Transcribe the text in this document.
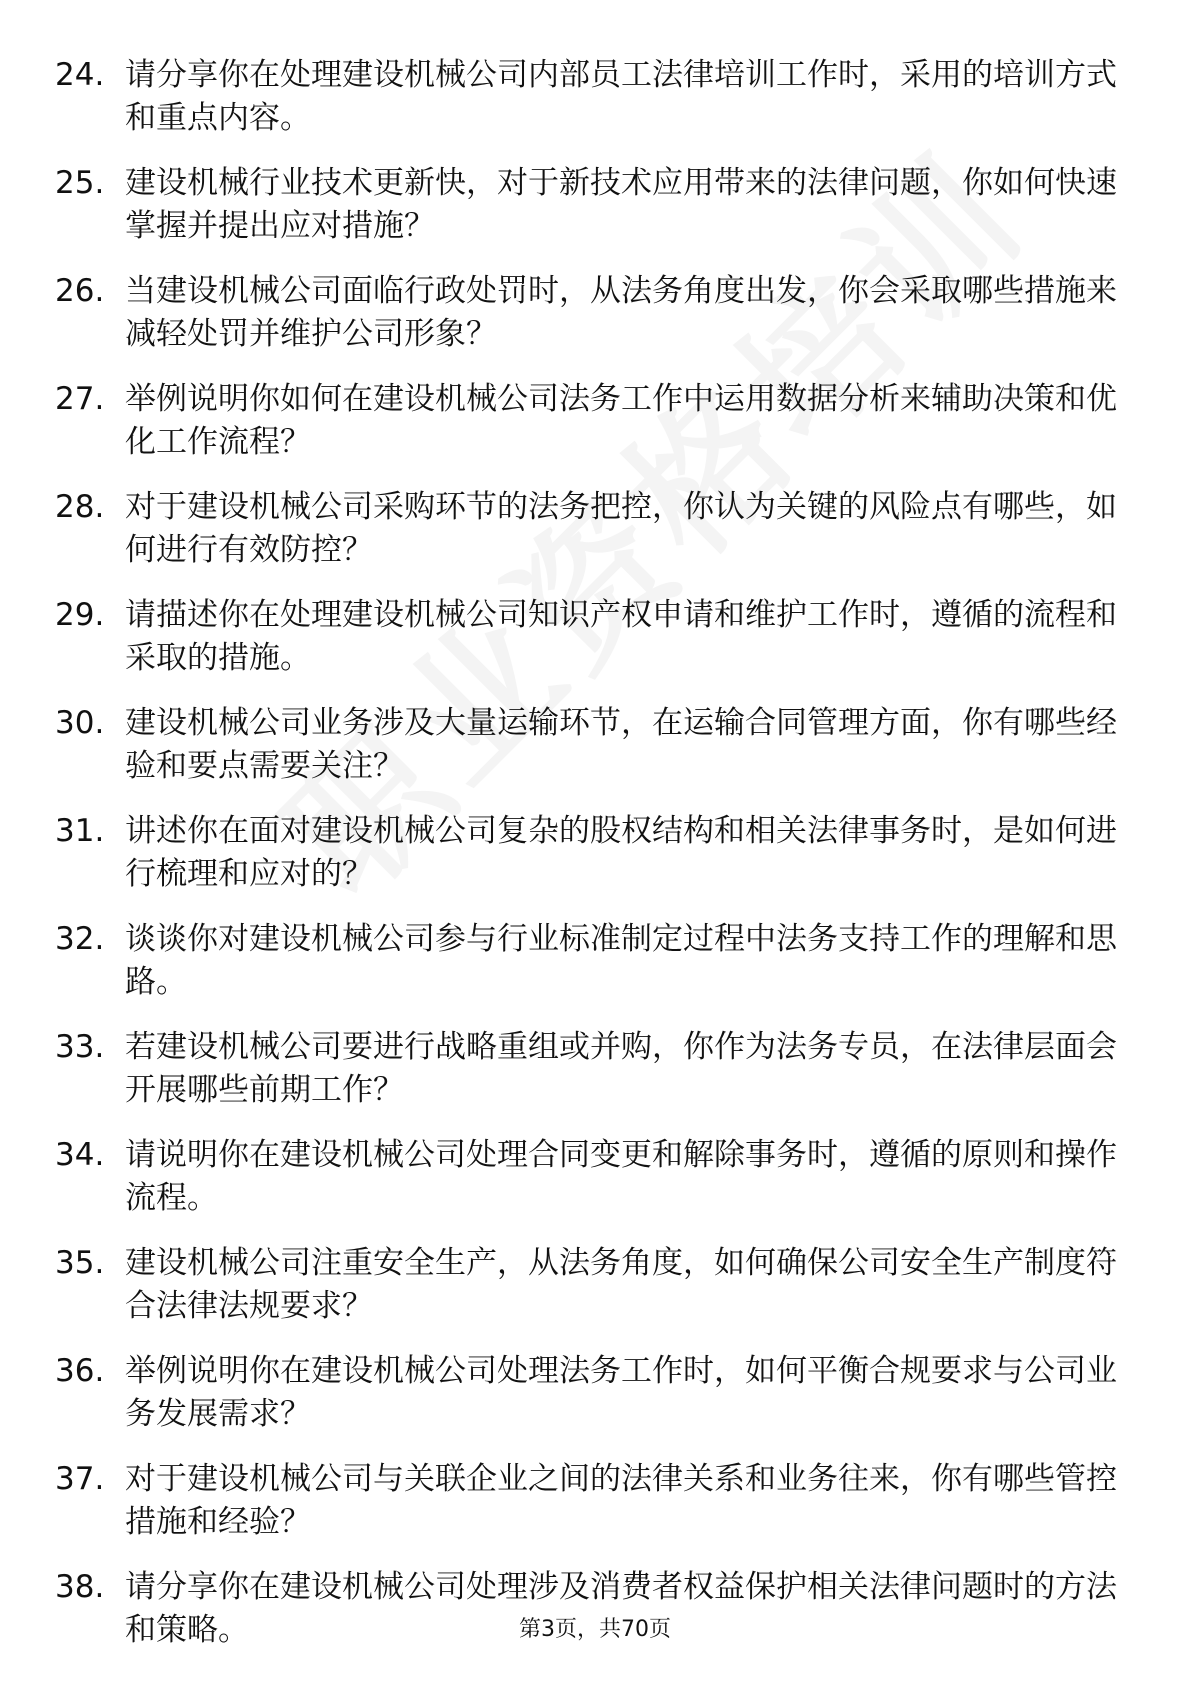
24. 请分享你在处理建设机械公司内部员工法律培训工作时，采用的培训方式和重点内容。
25. 建设机械行业技术更新快，对于新技术应用带来的法律问题，你如何快速掌握并提出应对措施？
26. 当建设机械公司面临行政处罚时，从法务角度出发，你会采取哪些措施来减轻处罚并维护公司形象？
27. 举例说明你如何在建设机械公司法务工作中运用数据分析来辅助决策和优化工作流程？
28. 对于建设机械公司采购环节的法务把控，你认为关键的风险点有哪些，如何进行有效防控？
29. 请描述你在处理建设机械公司知识产权申请和维护工作时，遵循的流程和采取的措施。
30. 建设机械公司业务涉及大量运输环节，在运输合同管理方面，你有哪些经验和要点需要关注？
31. 讲述你在面对建设机械公司复杂的股权结构和相关法律事务时，是如何进行梳理和应对的？
32. 谈谈你对建设机械公司参与行业标准制定过程中法务支持工作的理解和思路。
33. 若建设机械公司要进行战略重组或并购，你作为法务专员，在法律层面会开展哪些前期工作？
34. 请说明你在建设机械公司处理合同变更和解除事务时，遵循的原则和操作流程。
35. 建设机械公司注重安全生产，从法务角度，如何确保公司安全生产制度符合法律法规要求？
36. 举例说明你在建设机械公司处理法务工作时，如何平衡合规要求与公司业务发展需求？
37. 对于建设机械公司与关联企业之间的法律关系和业务往来，你有哪些管控措施和经验？
38. 请分享你在建设机械公司处理涉及消费者权益保护相关法律问题时的方法和策略。	第3页，共70页
